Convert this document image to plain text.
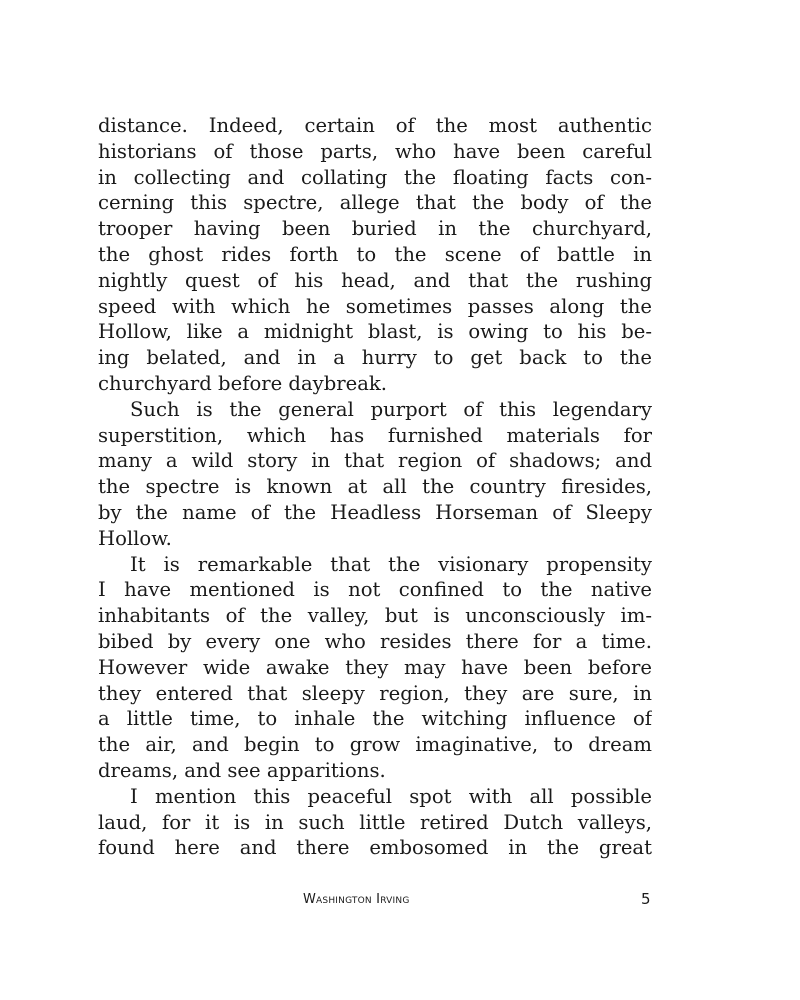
distance. Indeed, certain of the most authentic
historians of those parts, who have been careful
in collecting and collating the floating facts con-
cerning this spectre, allege that the body of the
trooper having been buried in the churchyard,
the ghost rides forth to the scene of battle in
nightly quest of his head, and that the rushing
speed with which he sometimes passes along the
Hollow, like a midnight blast, is owing to his be-
ing belated, and in a hurry to get back to the
churchyard before daybreak.
Such is the general purport of this legendary
superstition, which has furnished materials for
many a wild story in that region of shadows; and
the spectre is known at all the country firesides,
by the name of the Headless Horseman of Sleepy
Hollow.
It is remarkable that the visionary propensity
I have mentioned is not confined to the native
inhabitants of the valley, but is unconsciously im-
bibed by every one who resides there for a time.
However wide awake they may have been before
they entered that sleepy region, they are sure, in
a little time, to inhale the witching influence of
the air, and begin to grow imaginative, to dream
dreams, and see apparitions.
I mention this peaceful spot with all possible
laud, for it is in such little retired Dutch valleys,
found here and there embosomed in the great
Washington Irving	5
